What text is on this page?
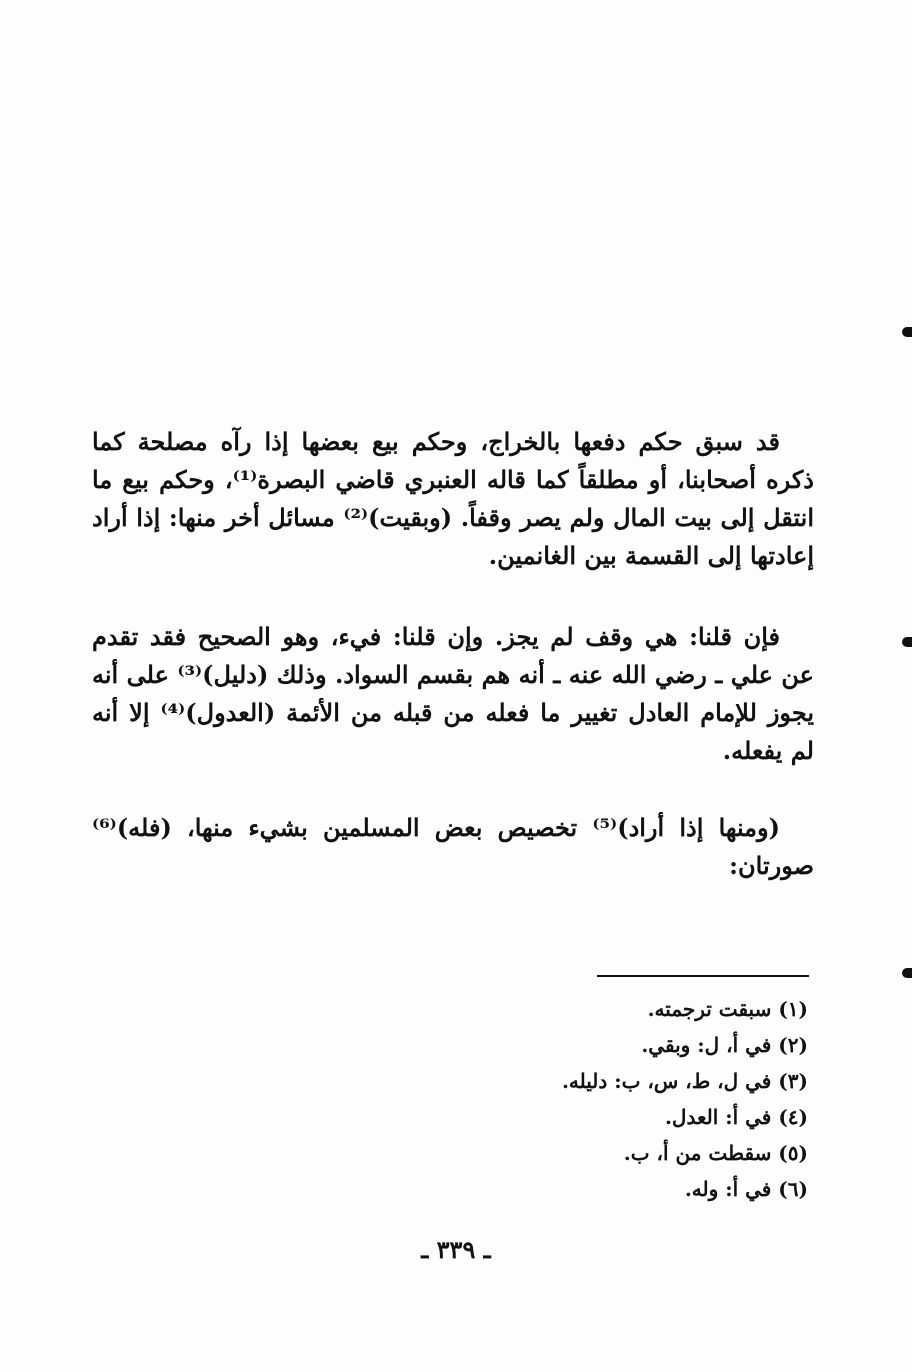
قد سبق حكم دفعها بالخراج، وحكم بيع بعضها إذا رآه مصلحة كما ذكره أصحابنا، أو مطلقاً كما قاله العنبري قاضي البصرة⁽¹⁾، وحكم بيع ما انتقل إلى بيت المال ولم يصر وقفاً. (وبقيت)⁽²⁾ مسائل أخر منها: إذا أراد إعادتها إلى القسمة بين الغانمين.

فإن قلنا: هي وقف لم يجز. وإن قلنا: فيء، وهو الصحيح فقد تقدم عن علي ـ رضي الله عنه ـ أنه هم بقسم السواد. وذلك (دليل)⁽³⁾ على أنه يجوز للإمام العادل تغيير ما فعله من قبله من الأئمة (العدول)⁽⁴⁾ إلا أنه لم يفعله.

(ومنها إذا أراد)⁽⁵⁾ تخصيص بعض المسلمين بشيء منها، (فله)⁽⁶⁾ صورتان:

(١) سبقت ترجمته.

(٢) في أ، ل: وبقي.

(٣) في ل، ط، س، ب: دليله.

(٤) في أ: العدل.

(٥) سقطت من أ، ب.

(٦) في أ: وله.

ـ ٣٣٩ ـ
